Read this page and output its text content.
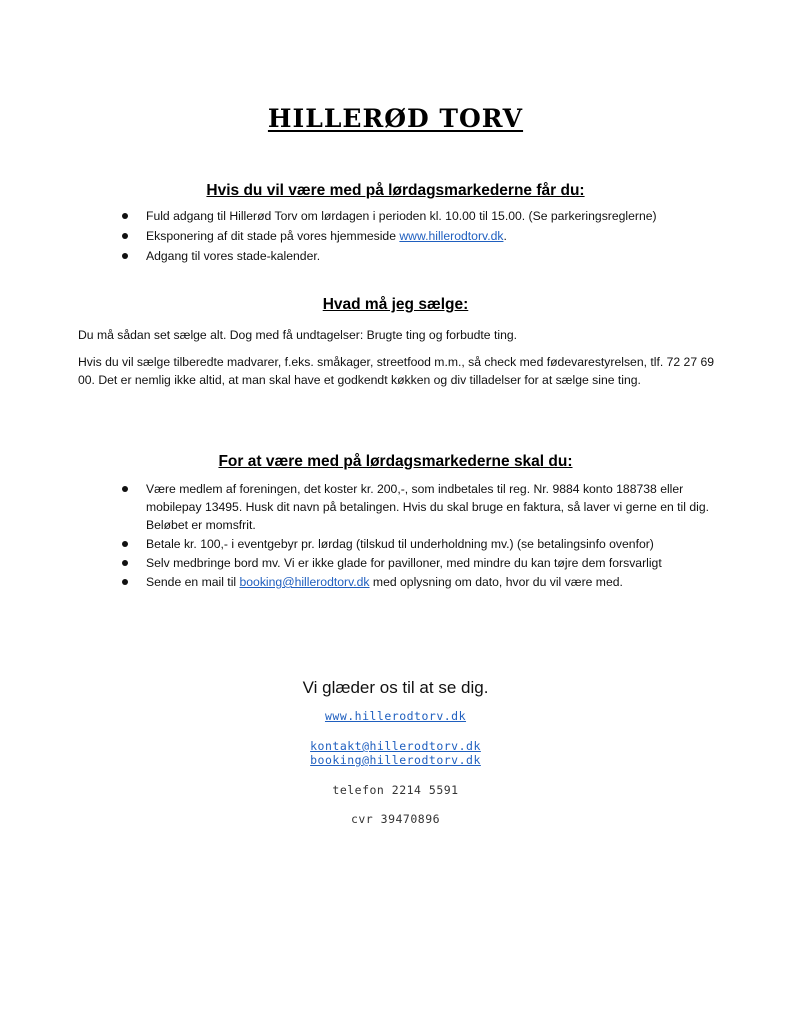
HILLERØD TORV
Hvis du vil være med på lørdagsmarkederne får du:
Fuld adgang til Hillerød Torv om lørdagen i perioden kl. 10.00 til 15.00. (Se parkeringsreglerne)
Eksponering af dit stade på vores hjemmeside www.hillerodtorv.dk.
Adgang til vores stade-kalender.
Hvad må jeg sælge:

Du må sådan set sælge alt. Dog med få undtagelser: Brugte ting og forbudte ting.

Hvis du vil sælge tilberedte madvarer, f.eks. småkager, streetfood m.m., så check med fødevarestyrelsen, tlf. 72 27 69 00. Det er nemlig ikke altid, at man skal have et godkendt køkken og div tilladelser for at sælge sine ting.

For at være med på lørdagsmarkederne skal du:
Være medlem af foreningen, det koster kr. 200,-, som indbetales til reg. Nr. 9884 konto 188738 eller mobilepay 13495. Husk dit navn på betalingen. Hvis du skal bruge en faktura, så laver vi gerne en til dig. Beløbet er momsfrit.
Betale kr. 100,- i eventgebyr pr. lørdag (tilskud til underholdning mv.) (se betalingsinfo ovenfor)
Selv medbringe bord mv. Vi er ikke glade for pavilloner, med mindre du kan tøjre dem forsvarligt
Sende en mail til booking@hillerodtorv.dk med oplysning om dato, hvor du vil være med.
Vi glæder os til at se dig.
www.hillerodtorv.dk
kontakt@hillerodtorv.dk
booking@hillerodtorv.dk
telefon 2214 5591
cvr 39470896
